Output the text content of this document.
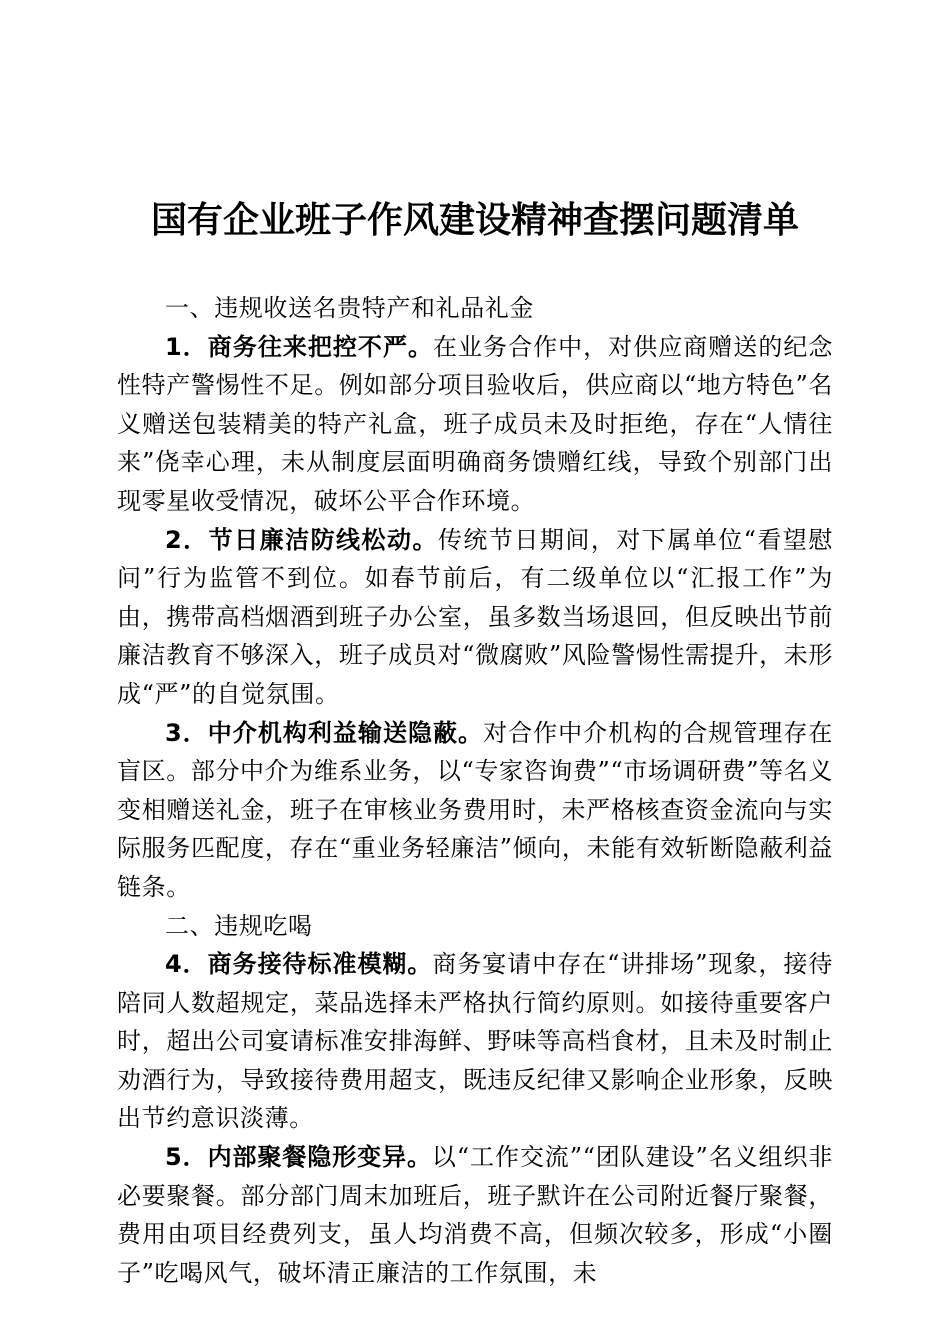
国有企业班子作风建设精神查摆问题清单

一、违规收送名贵特产和礼品礼金

1．商务往来把控不严。在业务合作中，对供应商赠送的纪念性特产警惕性不足。例如部分项目验收后，供应商以“地方特色”名义赠送包装精美的特产礼盒，班子成员未及时拒绝，存在“人情往来”侥幸心理，未从制度层面明确商务馈赠红线，导致个别部门出现零星收受情况，破坏公平合作环境。

2．节日廉洁防线松动。传统节日期间，对下属单位“看望慰问”行为监管不到位。如春节前后，有二级单位以“汇报工作”为由，携带高档烟酒到班子办公室，虽多数当场退回，但反映出节前廉洁教育不够深入，班子成员对“微腐败”风险警惕性需提升，未形成“严”的自觉氛围。

3．中介机构利益输送隐蔽。对合作中介机构的合规管理存在盲区。部分中介为维系业务，以“专家咨询费”“市场调研费”等名义变相赠送礼金，班子在审核业务费用时，未严格核查资金流向与实际服务匹配度，存在“重业务轻廉洁”倾向，未能有效斩断隐蔽利益链条。

二、违规吃喝

4．商务接待标准模糊。商务宴请中存在“讲排场”现象，接待陪同人数超规定，菜品选择未严格执行简约原则。如接待重要客户时，超出公司宴请标准安排海鲜、野味等高档食材，且未及时制止劝酒行为，导致接待费用超支，既违反纪律又影响企业形象，反映出节约意识淡薄。

5．内部聚餐隐形变异。以“工作交流”“团队建设”名义组织非必要聚餐。部分部门周末加班后，班子默许在公司附近餐厅聚餐，费用由项目经费列支，虽人均消费不高，但频次较多，形成“小圈子”吃喝风气，破坏清正廉洁的工作氛围，未
